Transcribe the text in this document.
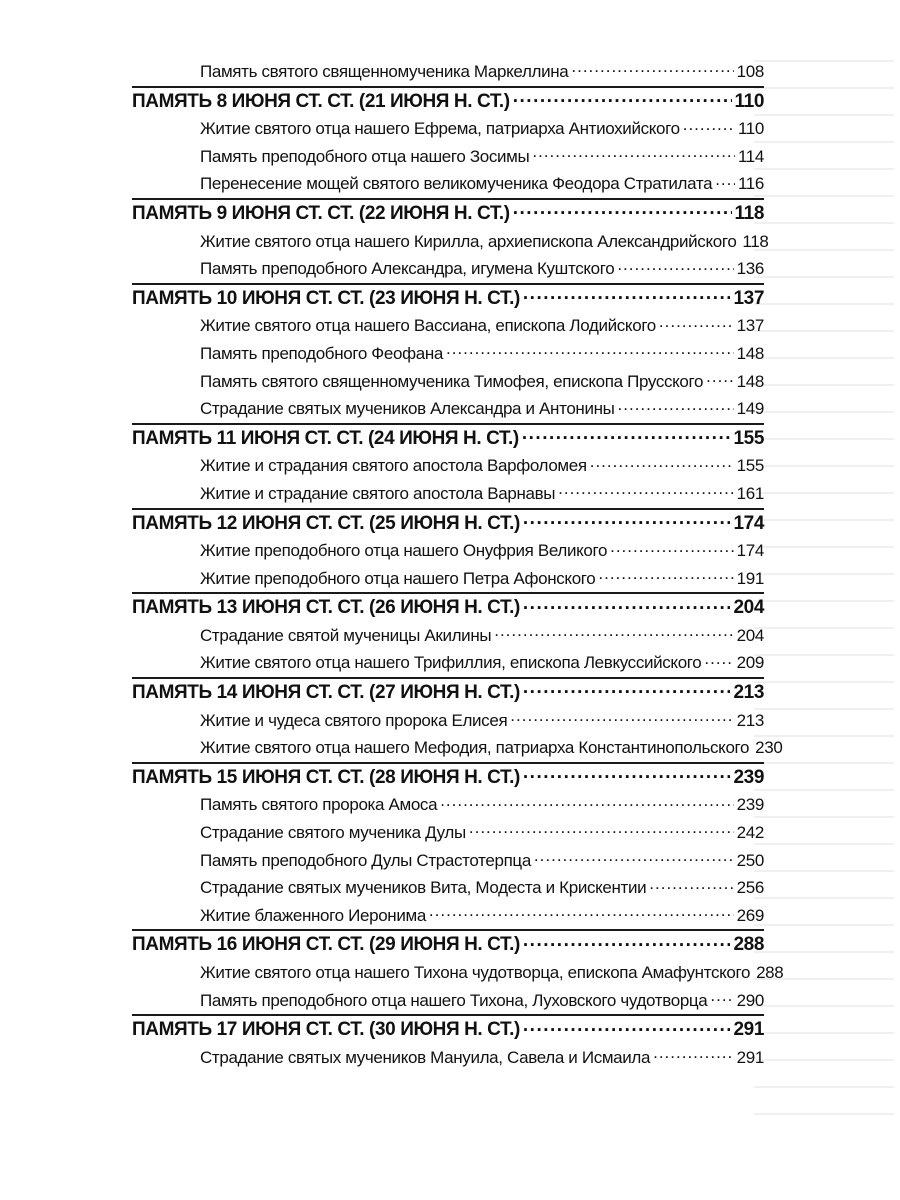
Память святого священномученика Маркеллина .....	108
ПАМЯТЬ 8 ИЮНЯ СТ. СТ. (21 ИЮНЯ Н. СТ.) .....	110
Житие святого отца нашего Ефрема, патриарха Антиохийского .....	110
Память преподобного отца нашего Зосимы .....	114
Перенесение мощей святого великомученика Феодора Стратилата ..... 116
ПАМЯТЬ 9 ИЮНЯ СТ. СТ. (22 ИЮНЯ Н. СТ.) .....	118
Житие святого отца нашего Кирилла, архиепископа Александрийского 118
Память преподобного Александра, игумена Куштского .....	136
ПАМЯТЬ 10 ИЮНЯ СТ. СТ. (23 ИЮНЯ Н. СТ.) .....	137
Житие святого отца нашего Вассиана, епископа Лодийского .....	137
Память преподобного Феофана .....	148
Память святого священномученика Тимофея, епископа Прусского ..... 148
Страдание святых мучеников Александра и Антонины .....	149
ПАМЯТЬ 11 ИЮНЯ СТ. СТ. (24 ИЮНЯ Н. СТ.) .....	155
Житие и страдания святого апостола Варфоломея .....	155
Житие и страдание святого апостола Варнавы .....	161
ПАМЯТЬ 12 ИЮНЯ СТ. СТ. (25 ИЮНЯ Н. СТ.) .....	174
Житие преподобного отца нашего Онуфрия Великого .....	174
Житие преподобного отца нашего Петра Афонского .....	191
ПАМЯТЬ 13 ИЮНЯ СТ. СТ. (26 ИЮНЯ Н. СТ.) .....	204
Страдание святой мученицы Акилины .....	204
Житие святого отца нашего Трифиллия, епископа Левкуссийского ..... 209
ПАМЯТЬ 14 ИЮНЯ СТ. СТ. (27 ИЮНЯ Н. СТ.) .....	213
Житие и чудеса святого пророка Елисея .....	213
Житие святого отца нашего Мефодия, патриарха Константинопольского 230
ПАМЯТЬ 15 ИЮНЯ СТ. СТ. (28 ИЮНЯ Н. СТ.) .....	239
Память святого пророка Амоса .....	239
Страдание святого мученика Дулы .....	242
Память преподобного Дулы Страстотерпца .....	250
Страдание святых мучеников Вита, Модеста и Крискентии .....	256
Житие блаженного Иеронима .....	269
ПАМЯТЬ 16 ИЮНЯ СТ. СТ. (29 ИЮНЯ Н. СТ.) .....	288
Житие святого отца нашего Тихона чудотворца, епископа Амафунтского 288
Память преподобного отца нашего Тихона, Луховского чудотворца ..... 290
ПАМЯТЬ 17 ИЮНЯ СТ. СТ. (30 ИЮНЯ Н. СТ.) .....	291
Страдание святых мучеников Мануила, Савела и Исмаила .....	291
